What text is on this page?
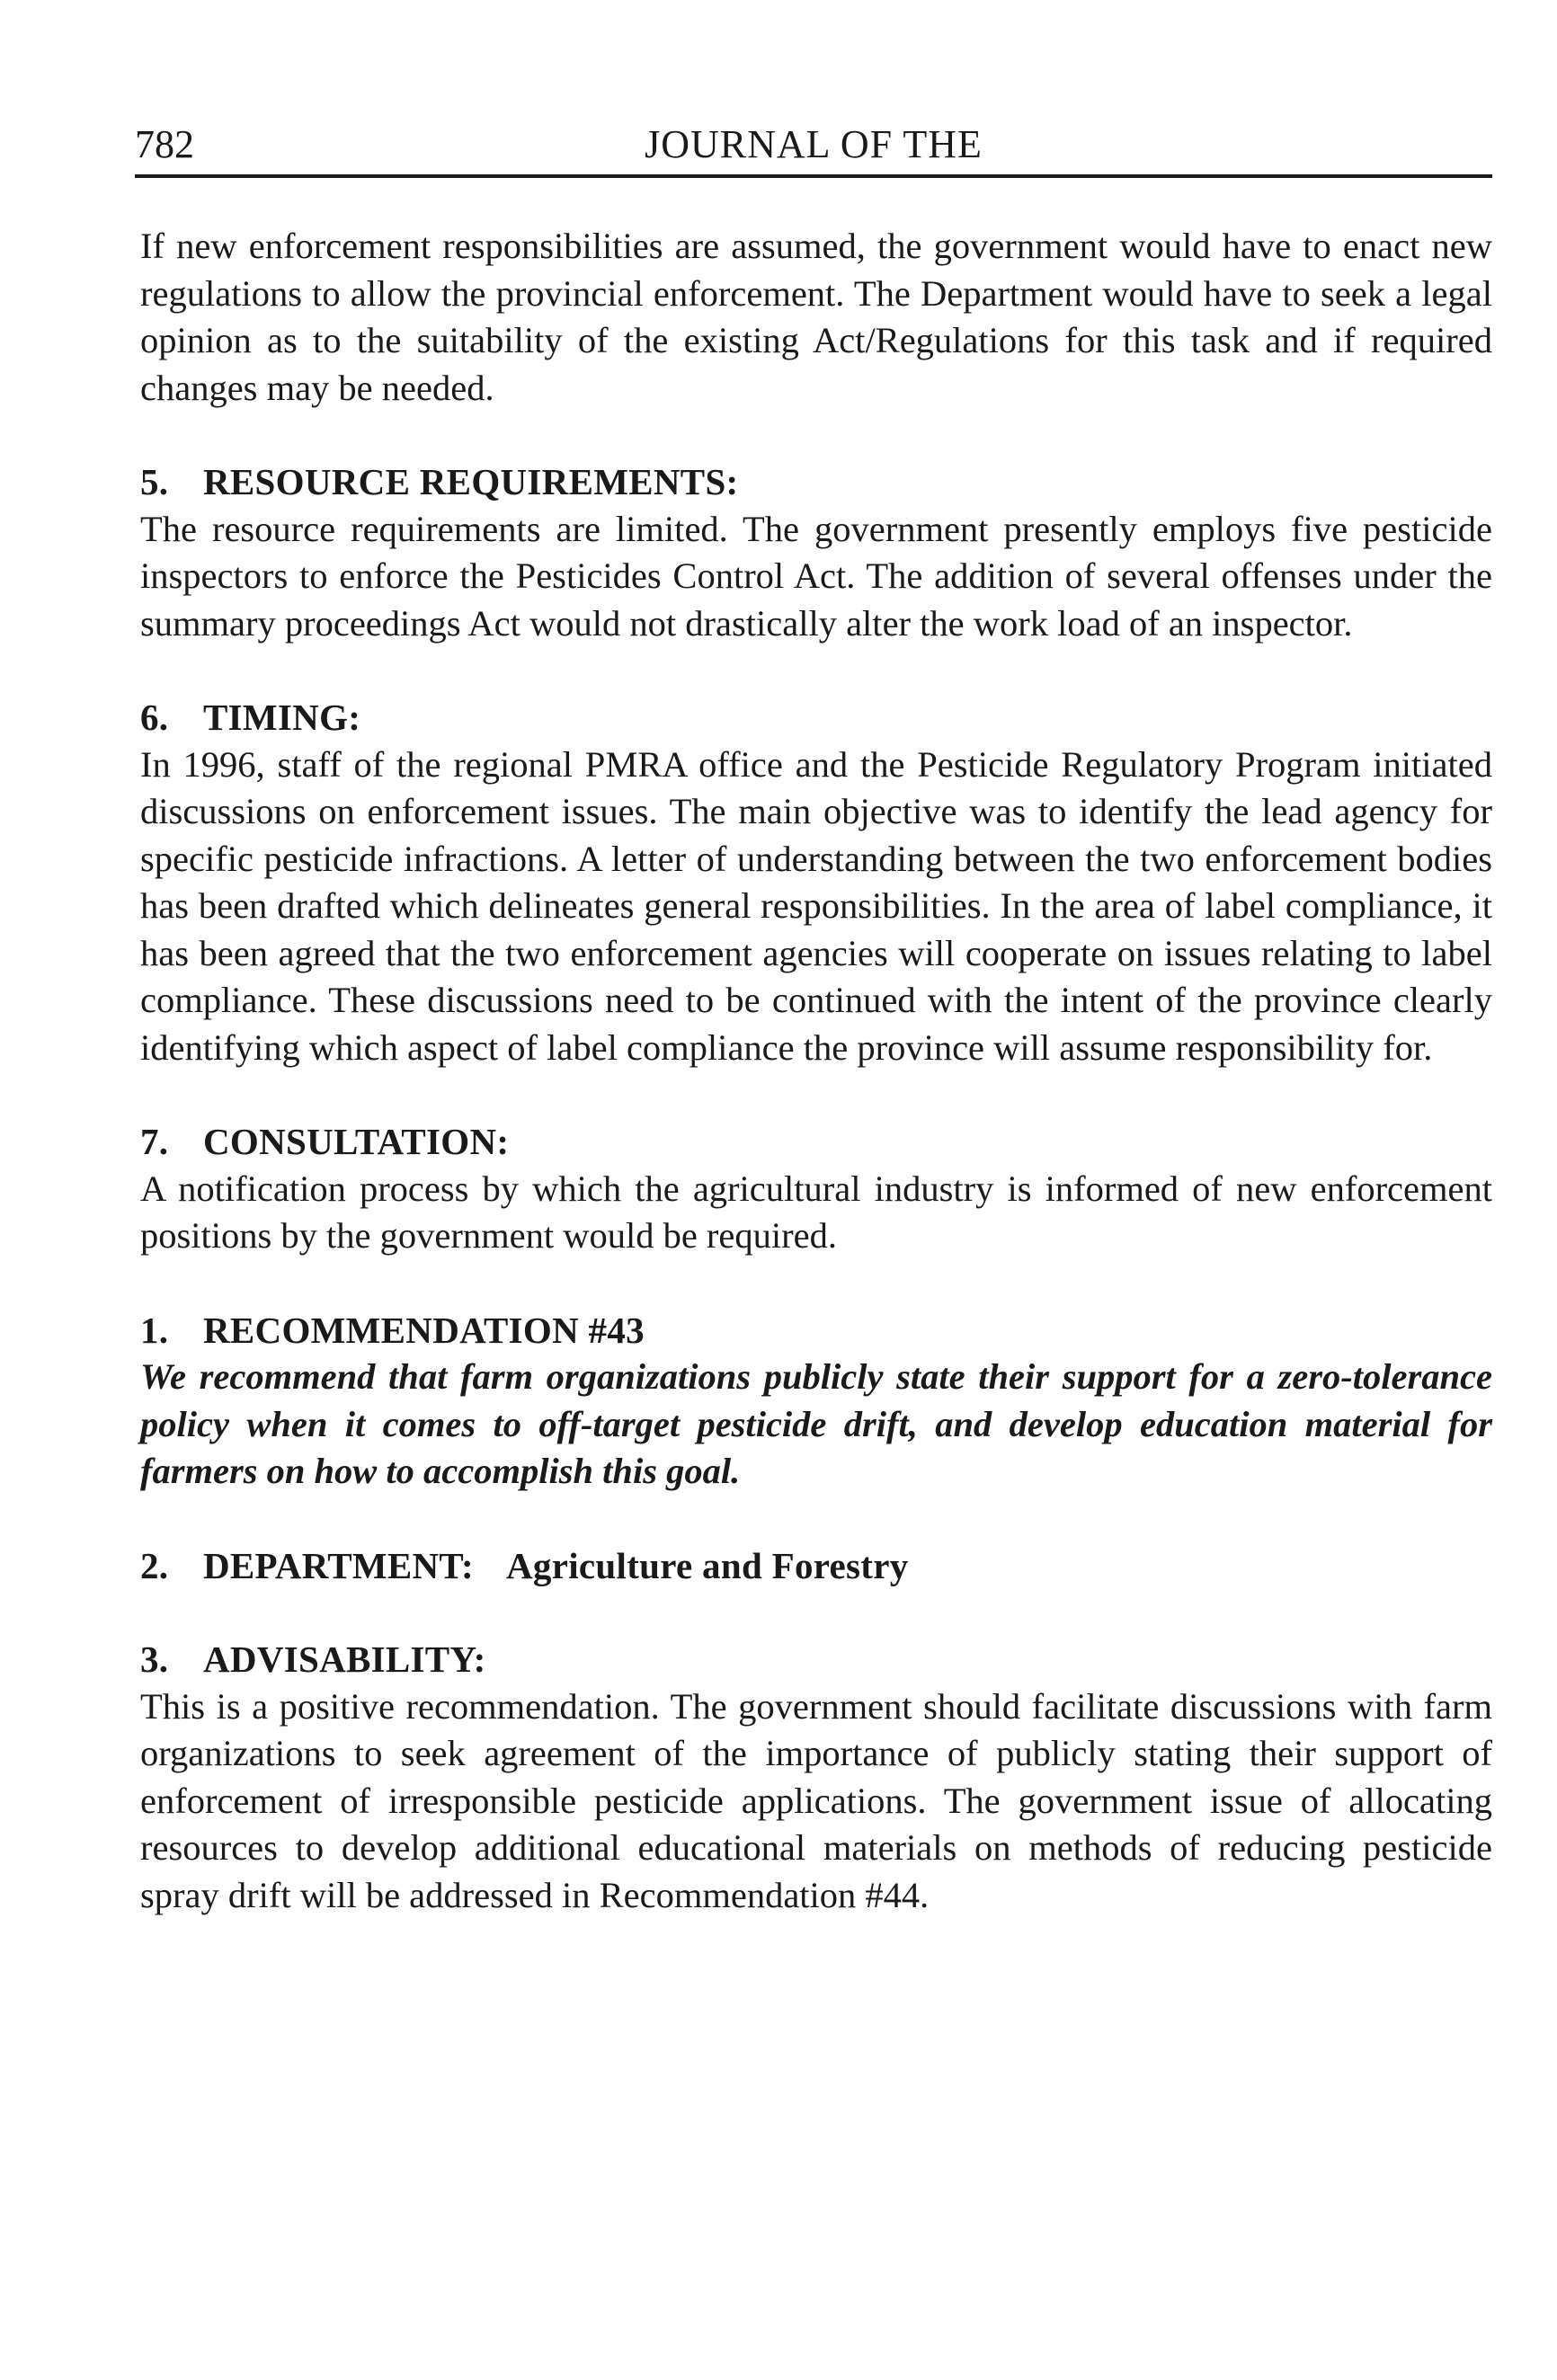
782	JOURNAL OF THE

If new enforcement responsibilities are assumed, the government would have to enact new regulations to allow the provincial enforcement. The Department would have to seek a legal opinion as to the suitability of the existing Act/Regulations for this task and if required changes may be needed.

5. RESOURCE REQUIREMENTS:

The resource requirements are limited. The government presently employs five pesticide inspectors to enforce the Pesticides Control Act. The addition of several offenses under the summary proceedings Act would not drastically alter the work load of an inspector.

6. TIMING:

In 1996, staff of the regional PMRA office and the Pesticide Regulatory Program initiated discussions on enforcement issues. The main objective was to identify the lead agency for specific pesticide infractions. A letter of understanding between the two enforcement bodies has been drafted which delineates general responsibilities. In the area of label compliance, it has been agreed that the two enforcement agencies will cooperate on issues relating to label compliance. These discussions need to be continued with the intent of the province clearly identifying which aspect of label compliance the province will assume responsibility for.

7. CONSULTATION:

A notification process by which the agricultural industry is informed of new enforcement positions by the government would be required.

1. RECOMMENDATION #43

We recommend that farm organizations publicly state their support for a zero-tolerance policy when it comes to off-target pesticide drift, and develop education material for farmers on how to accomplish this goal.

2. DEPARTMENT: Agriculture and Forestry

3. ADVISABILITY:

This is a positive recommendation. The government should facilitate discussions with farm organizations to seek agreement of the importance of publicly stating their support of enforcement of irresponsible pesticide applications. The government issue of allocating resources to develop additional educational materials on methods of reducing pesticide spray drift will be addressed in Recommendation #44.
